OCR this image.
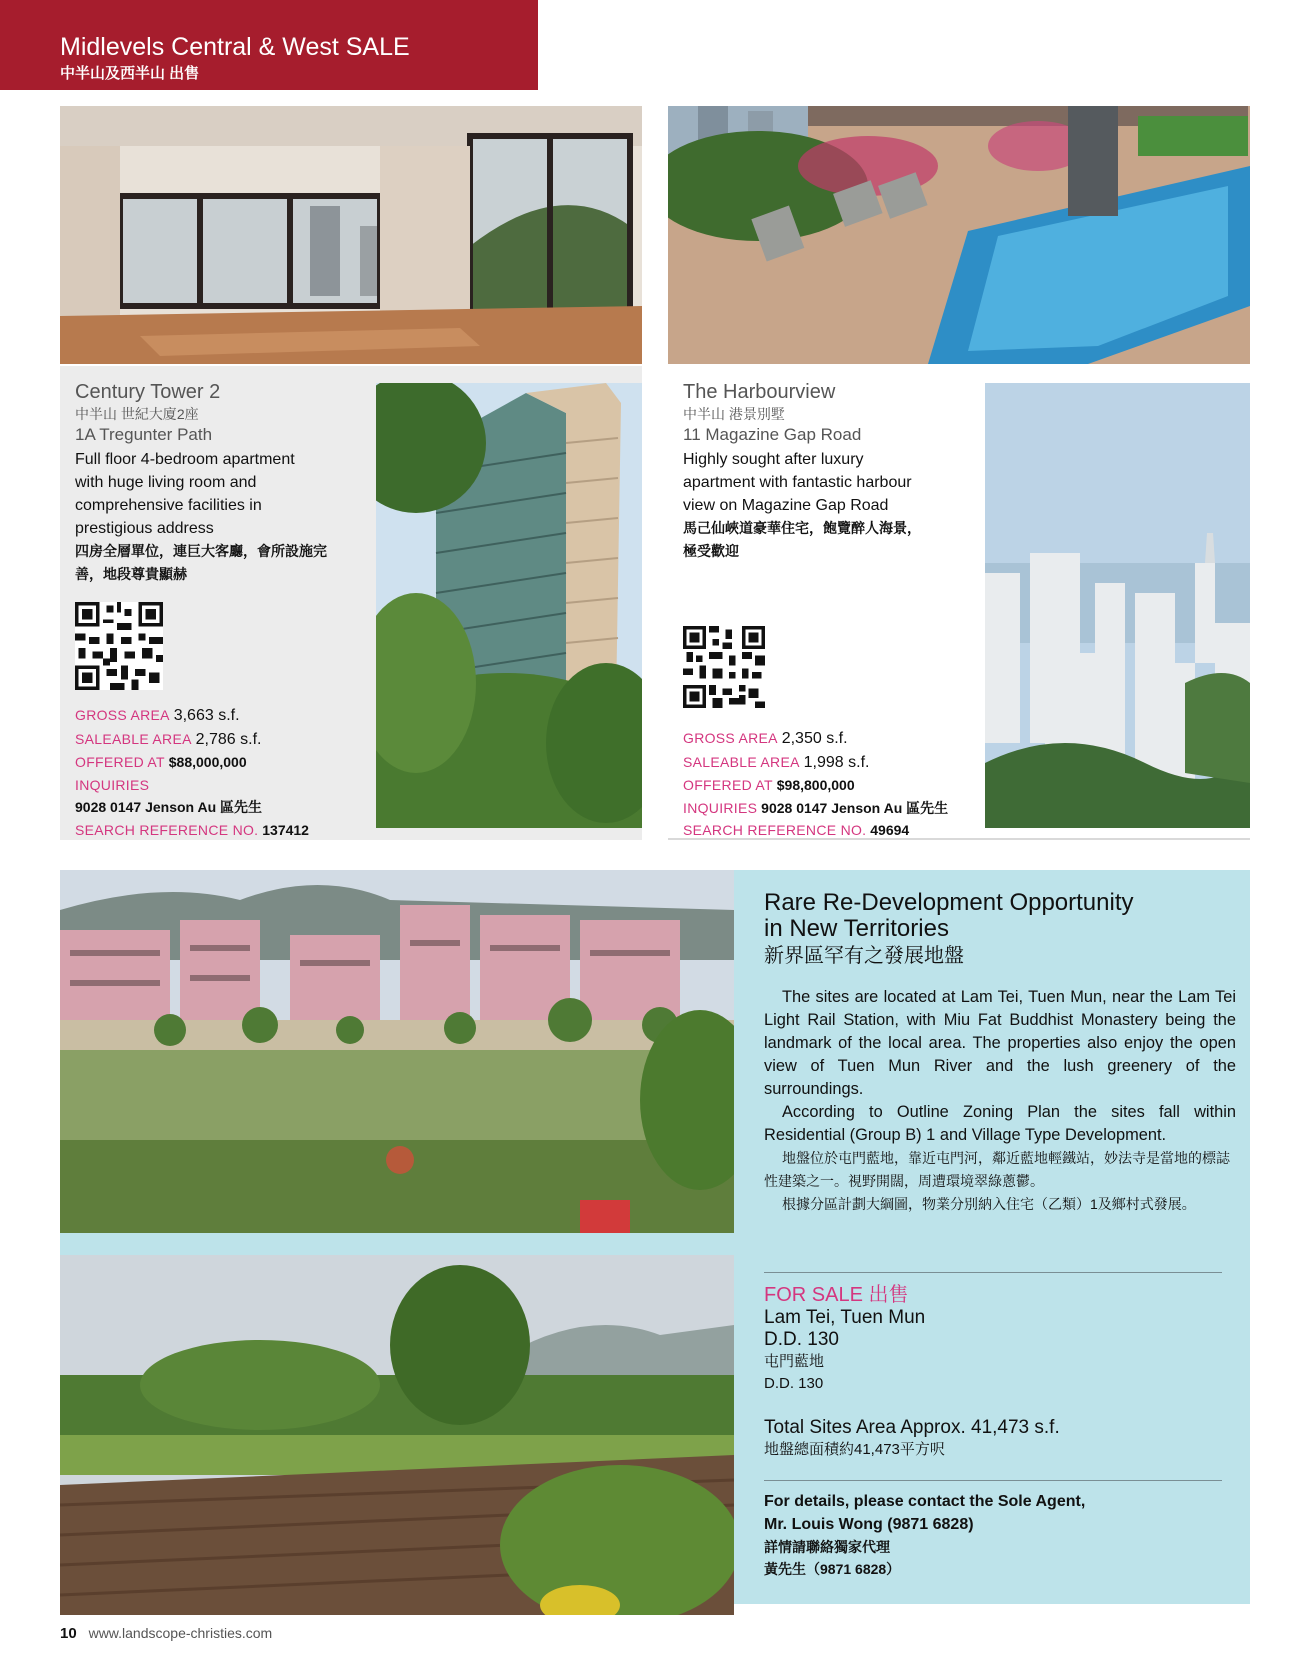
Midlevels Central & West SALE
中半山及西半山 出售
Century Tower 2
中半山 世紀大廈2座
1A Tregunter Path
Full floor 4-bedroom apartment
with huge living room and
comprehensive facilities in
prestigious address
四房全層單位，連巨大客廳，會所設施完
善，地段尊貴顯赫
GROSS AREA 3,663 s.f.
SALEABLE AREA 2,786 s.f.
OFFERED AT $88,000,000
INQUIRIES
9028 0147 Jenson Au 區先生
SEARCH REFERENCE NO. 137412
The Harbourview
中半山 港景別墅
11 Magazine Gap Road
Highly sought after luxury
apartment with fantastic harbour
view on Magazine Gap Road
馬己仙峽道豪華住宅，飽覽醉人海景，
極受歡迎
GROSS AREA 2,350 s.f.
SALEABLE AREA 1,998 s.f.
OFFERED AT $98,800,000
INQUIRIES 9028 0147 Jenson Au 區先生
SEARCH REFERENCE NO. 49694
Rare Re-Development Opportunity
in New Territories
新界區罕有之發展地盤

The sites are located at Lam Tei, Tuen Mun, near the Lam Tei Light Rail Station, with Miu Fat Buddhist Monastery being the landmark of the local area. The properties also enjoy the open view of Tuen Mun River and the lush greenery of the surroundings.

According to Outline Zoning Plan the sites fall within Residential (Group B) 1 and Village Type Development.

地盤位於屯門藍地，靠近屯門河，鄰近藍地輕鐵站，妙法寺是當地的標誌性建築之一。視野開闊，周遭環境翠綠蔥鬱。

根據分區計劃大綱圖，物業分別納入住宅（乙類）1及鄉村式發展。

FOR SALE 出售
Lam Tei, Tuen Mun
D.D. 130
屯門藍地
D.D. 130
Total Sites Area Approx. 41,473 s.f.
地盤總面積約41,473平方呎
For details, please contact the Sole Agent,
Mr. Louis Wong (9871 6828)
詳情請聯絡獨家代理
黃先生（9871 6828）
10 www.landscope-christies.com
